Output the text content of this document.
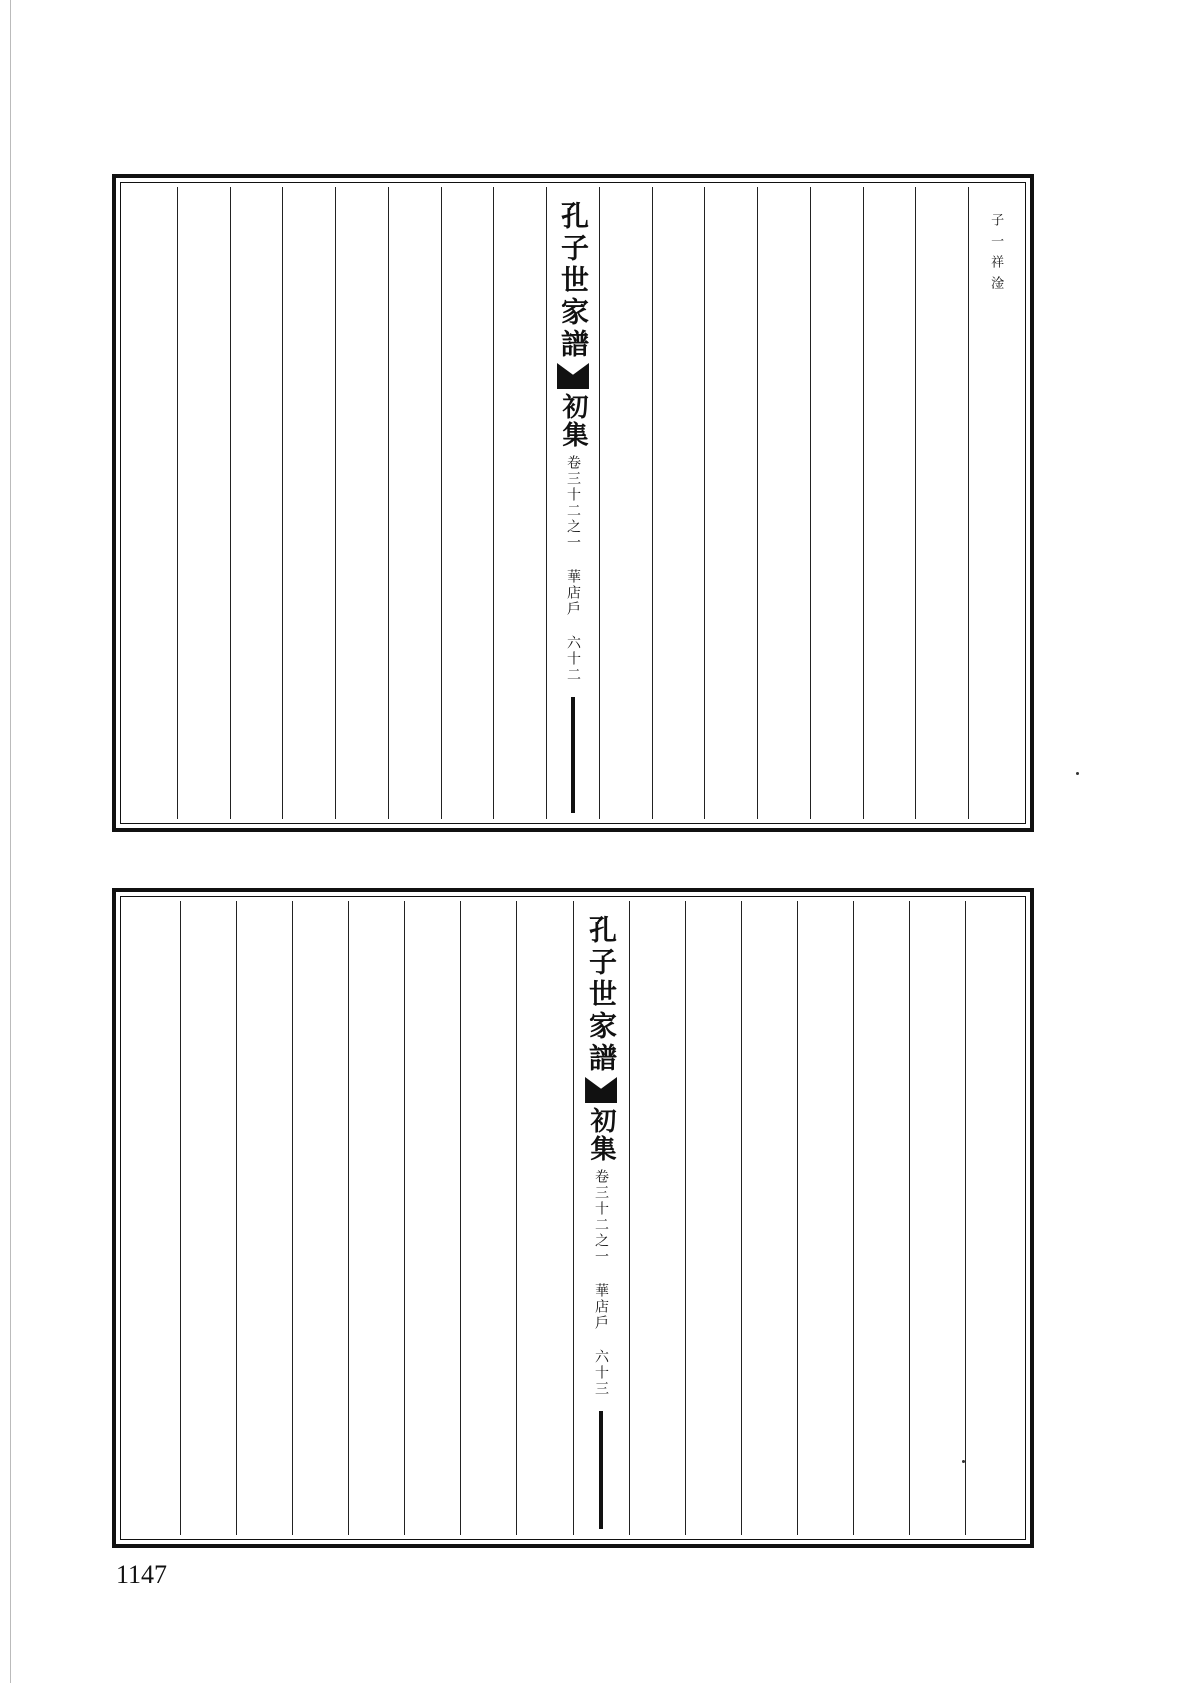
子一祥淦
孔子世家譜
初集
卷三十二之一 華店戶 六十二
孔子世家譜
初集
卷三十二之一 華店戶 六十三
1147
